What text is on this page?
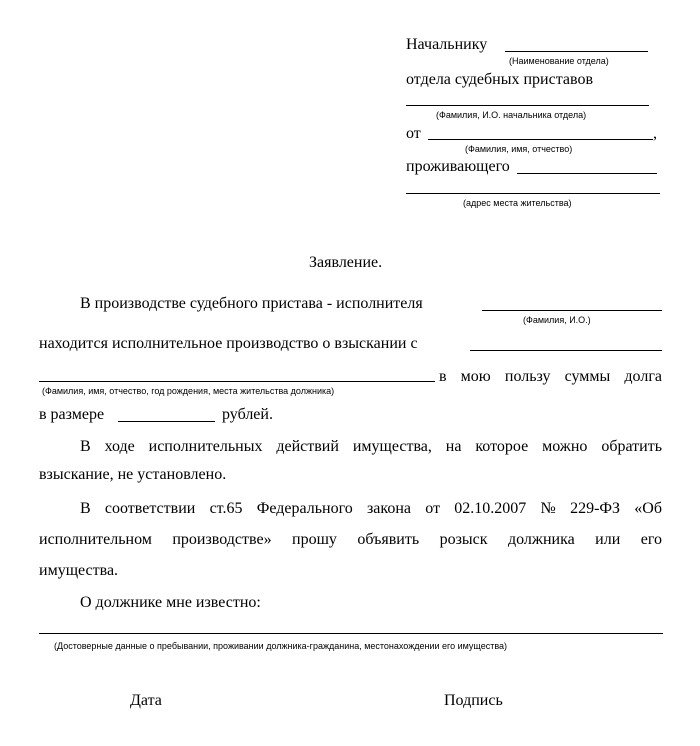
Начальнику
(Наименование отдела)
отдела судебных приставов
(Фамилия, И.О. начальника отдела)
от	,
(Фамилия, имя, отчество)
проживающего
(адрес места жительства)
Заявление.
В производстве судебного пристава - исполнителя
(Фамилия, И.О.)
находится исполнительное производство о взыскании с
в мою пользу суммы долга
(Фамилия, имя, отчество, год рождения, места жительства должника)
в размере	рублей.
В ходе исполнительных действий имущества, на которое можно обратить
взыскание, не установлено.
В соответствии ст.65 Федерального закона от 02.10.2007 № 229-ФЗ «Об
исполнительном производстве» прошу объявить розыск должника или его
имущества.
О должнике мне известно:
(Достоверные данные о пребывании, проживании должника-гражданина, местонахождении его имущества)
Дата	Подпись
